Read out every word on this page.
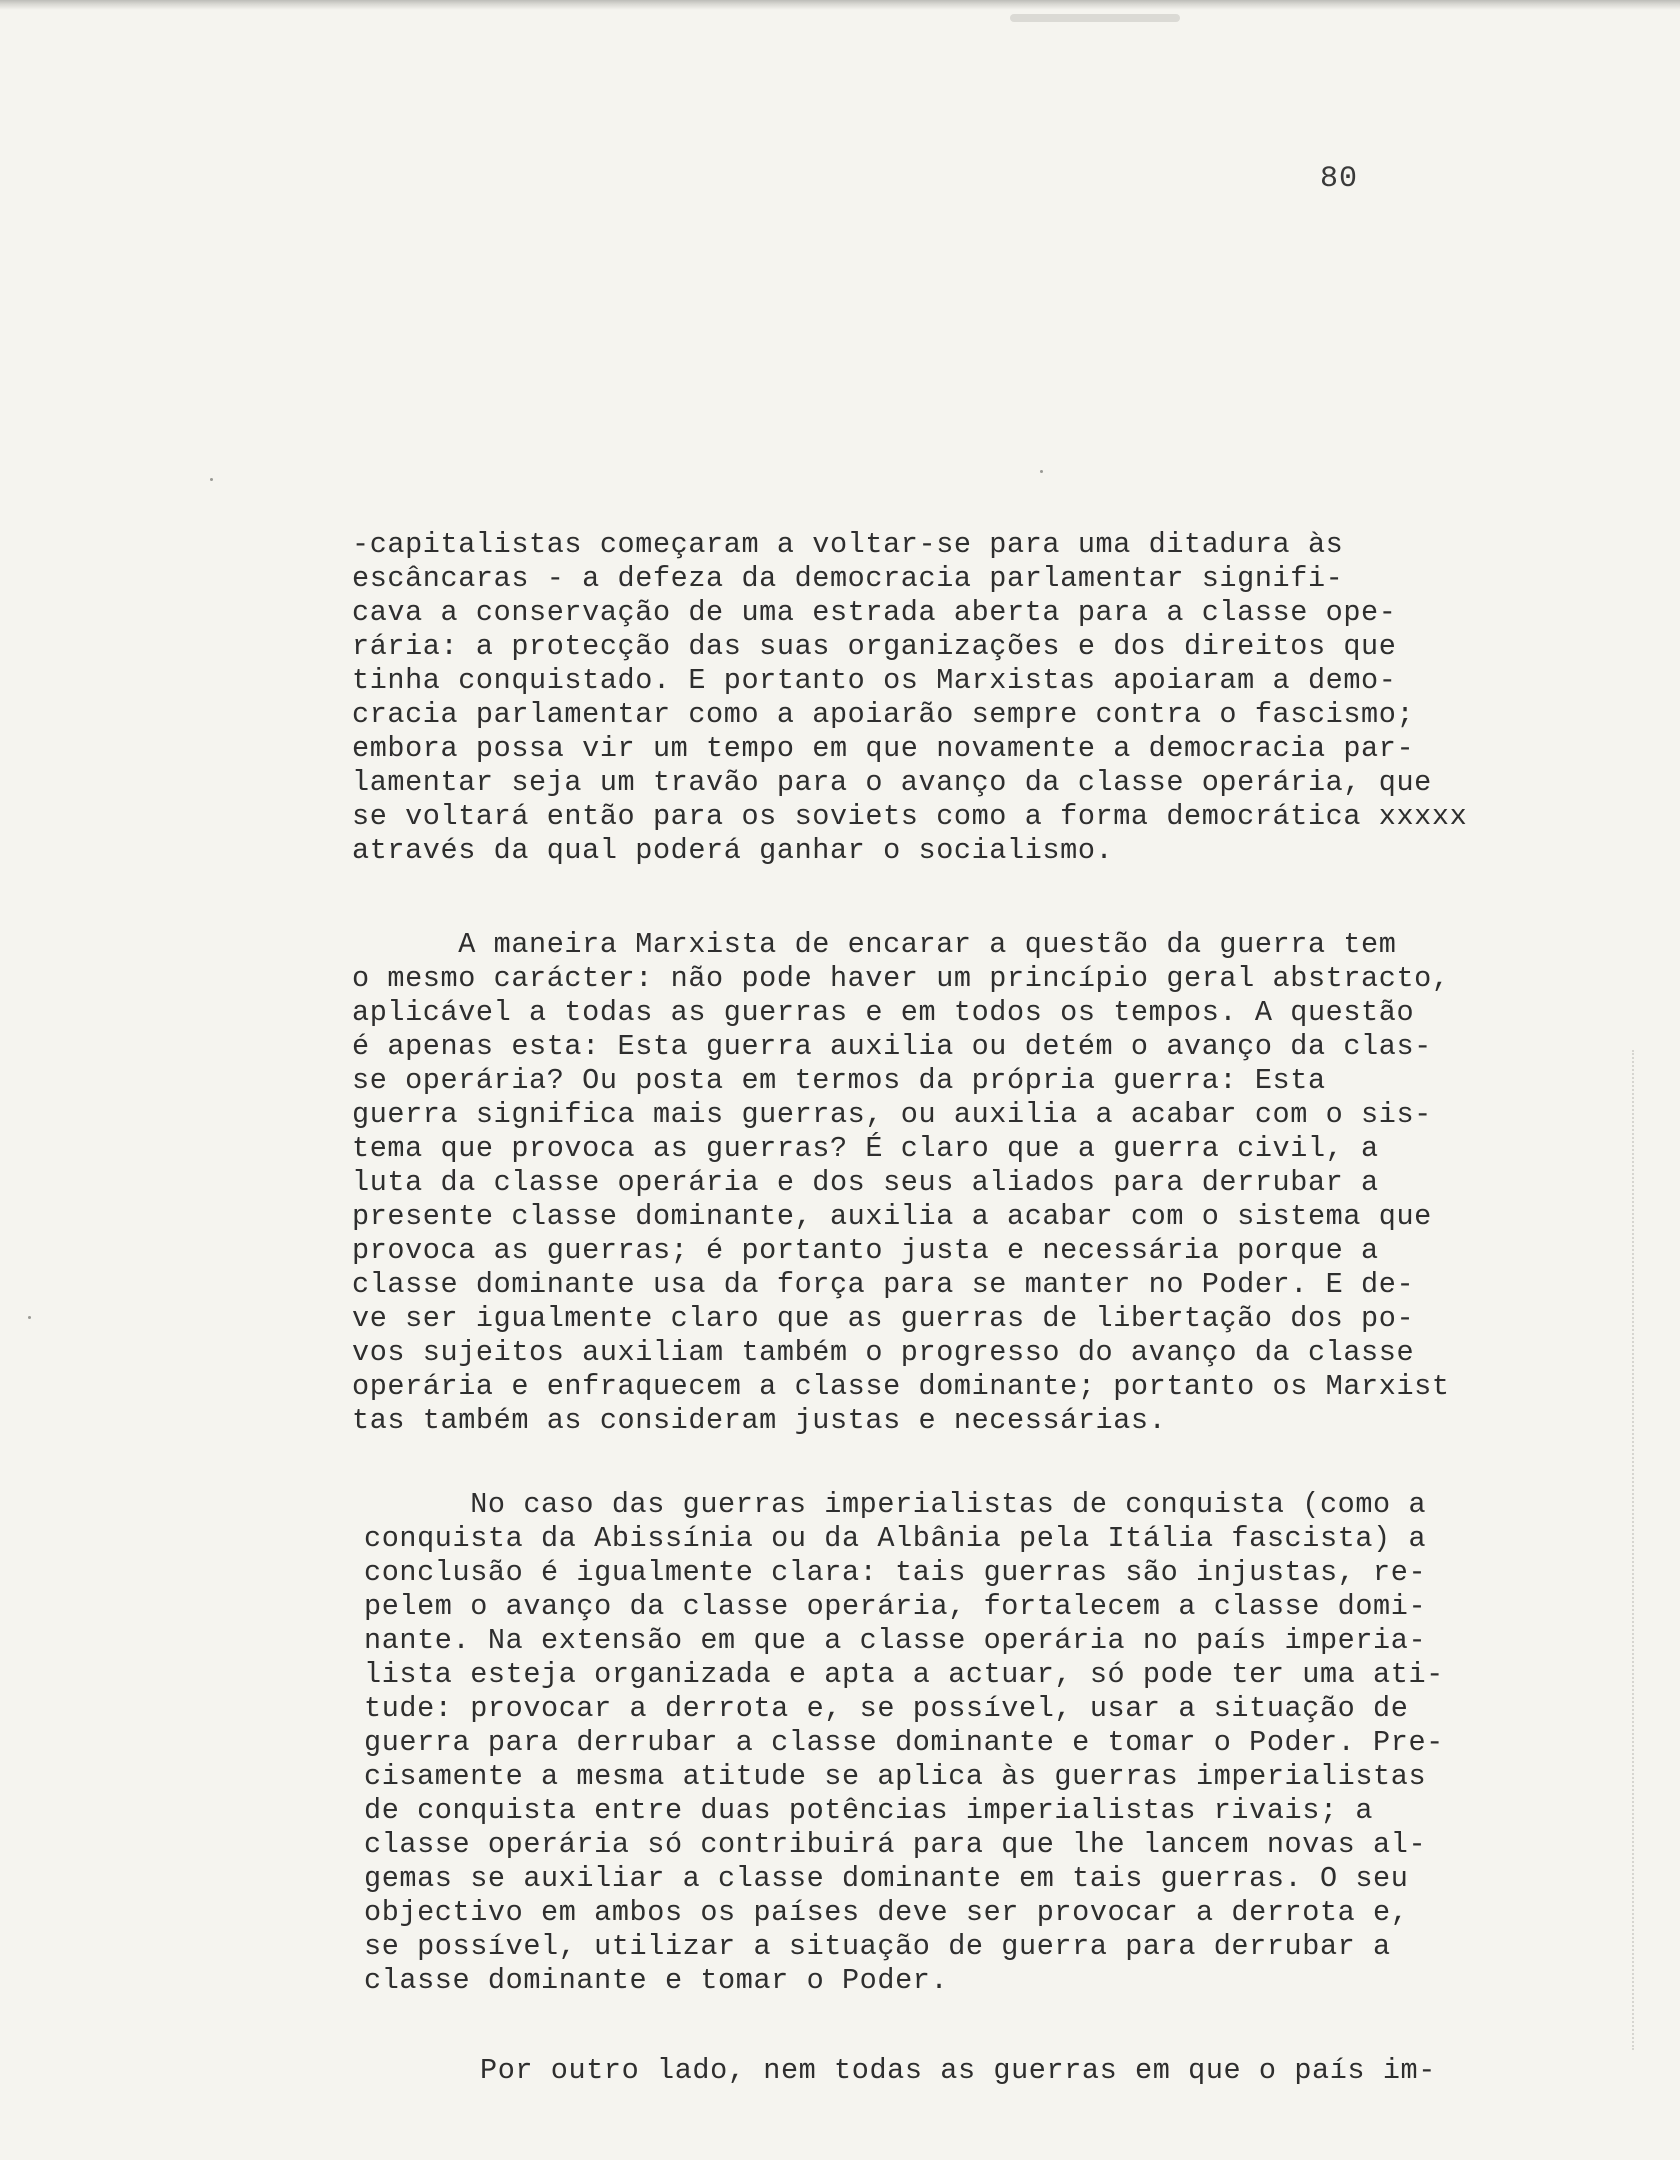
80
-capitalistas começaram a voltar-se para uma ditadura às
escâncaras - a defeza da democracia parlamentar signifi-
cava a conservação de uma estrada aberta para a classe ope-
rária: a protecção das suas organizações e dos direitos que
tinha conquistado. E portanto os Marxistas apoiaram a demo-
cracia parlamentar como a apoiarão sempre contra o fascismo;
embora possa vir um tempo em que novamente a democracia par-
lamentar seja um travão para o avanço da classe operária, que
se voltará então para os soviets como a forma democrática xxxxx
através da qual poderá ganhar o socialismo.
A maneira Marxista de encarar a questão da guerra tem
o mesmo carácter: não pode haver um princípio geral abstracto,
aplicável a todas as guerras e em todos os tempos. A questão
é apenas esta: Esta guerra auxilia ou detém o avanço da clas-
se operária? Ou posta em termos da própria guerra: Esta
guerra significa mais guerras, ou auxilia a acabar com o sis-
tema que provoca as guerras? É claro que a guerra civil, a
luta da classe operária e dos seus aliados para derrubar a
presente classe dominante, auxilia a acabar com o sistema que
provoca as guerras; é portanto justa e necessária porque a
classe dominante usa da força para se manter no Poder. E de-
ve ser igualmente claro que as guerras de libertação dos po-
vos sujeitos auxiliam também o progresso do avanço da classe
operária e enfraquecem a classe dominante; portanto os Marxist
tas também as consideram justas e necessárias.
No caso das guerras imperialistas de conquista (como a
conquista da Abissínia ou da Albânia pela Itália fascista) a
conclusão é igualmente clara: tais guerras são injustas, re-
pelem o avanço da classe operária, fortalecem a classe domi-
nante. Na extensão em que a classe operária no país imperia-
lista esteja organizada e apta a actuar, só pode ter uma ati-
tude: provocar a derrota e, se possível, usar a situação de
guerra para derrubar a classe dominante e tomar o Poder. Pre-
cisamente a mesma atitude se aplica às guerras imperialistas
de conquista entre duas potências imperialistas rivais; a
classe operária só contribuirá para que lhe lancem novas al-
gemas se auxiliar a classe dominante em tais guerras. O seu
objectivo em ambos os países deve ser provocar a derrota e,
se possível, utilizar a situação de guerra para derrubar a
classe dominante e tomar o Poder.
Por outro lado, nem todas as guerras em que o país im-
